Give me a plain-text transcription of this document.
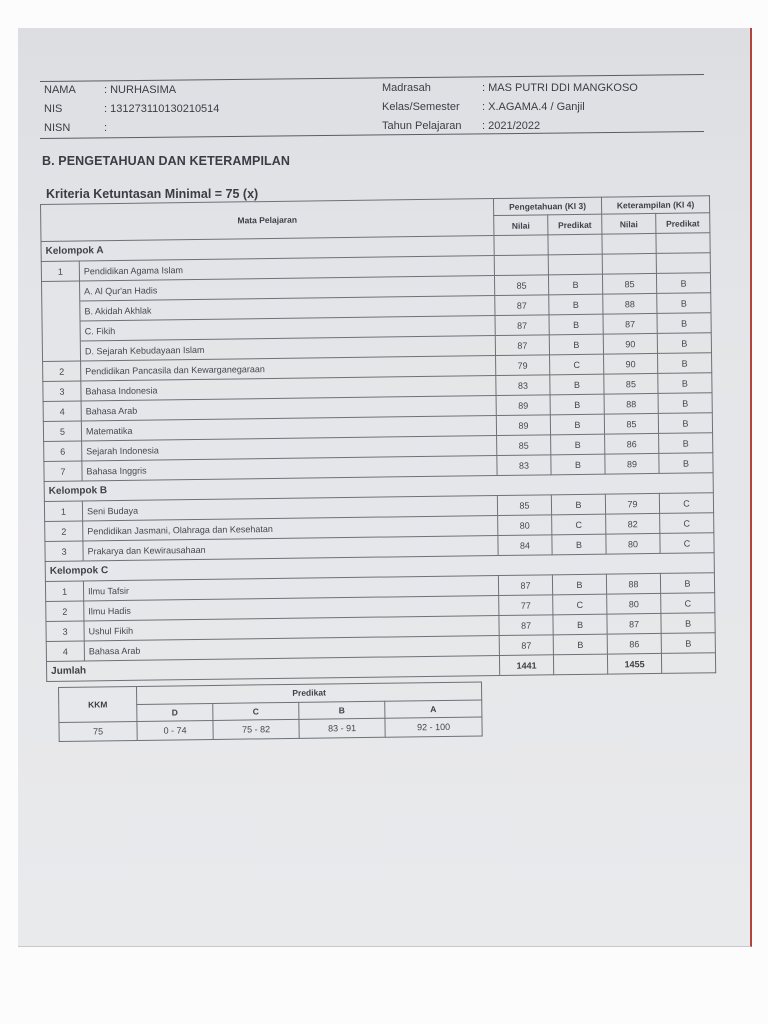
NAMA	: NURHASIMA
NIS	: 131273110130210514
NISN	:
Madrasah	: MAS PUTRI DDI MANGKOSO
Kelas/Semester : X.AGAMA.4 / Ganjil
Tahun Pelajaran : 2021/2022
B. PENGETAHUAN DAN KETERAMPILAN
Kriteria Ketuntasan Minimal = 75 (x)
Mata Pelajaran		Pengetahuan (KI 3)		Keterampilan (KI 4)	
		Nilai	Predikat	Nilai	Predikat
Kelompok A					
1	Pendidikan Agama Islam				
	A. Al Qur'an Hadis	85	B	85	B
	B. Akidah Akhlak	87	B	88	B
	C. Fikih	87	B	87	B
	D. Sejarah Kebudayaan Islam	87	B	90	B
2	Pendidikan Pancasila dan Kewarganegaraan	79	C	90	B
3	Bahasa Indonesia	83	B	85	B
4	Bahasa Arab	89	B	88	B
5	Matematika	89	B	85	B
6	Sejarah Indonesia	85	B	86	B
7	Bahasa Inggris	83	B	89	B
Kelompok B					
1	Seni Budaya	85	B	79	C
2	Pendidikan Jasmani, Olahraga dan Kesehatan	80	C	82	C
3	Prakarya dan Kewirausahaan	84	B	80	C
Kelompok C					
1	Ilmu Tafsir	87	B	88	B
2	Ilmu Hadis	77	C	80	C
3	Ushul Fikih	87	B	87	B
4	Bahasa Arab	87	B	86	B
Jumlah		1441		1455	
KKM	Predikat			
	D	C	B	A
75	0 - 74	75 - 82	83 - 91	92 - 100
